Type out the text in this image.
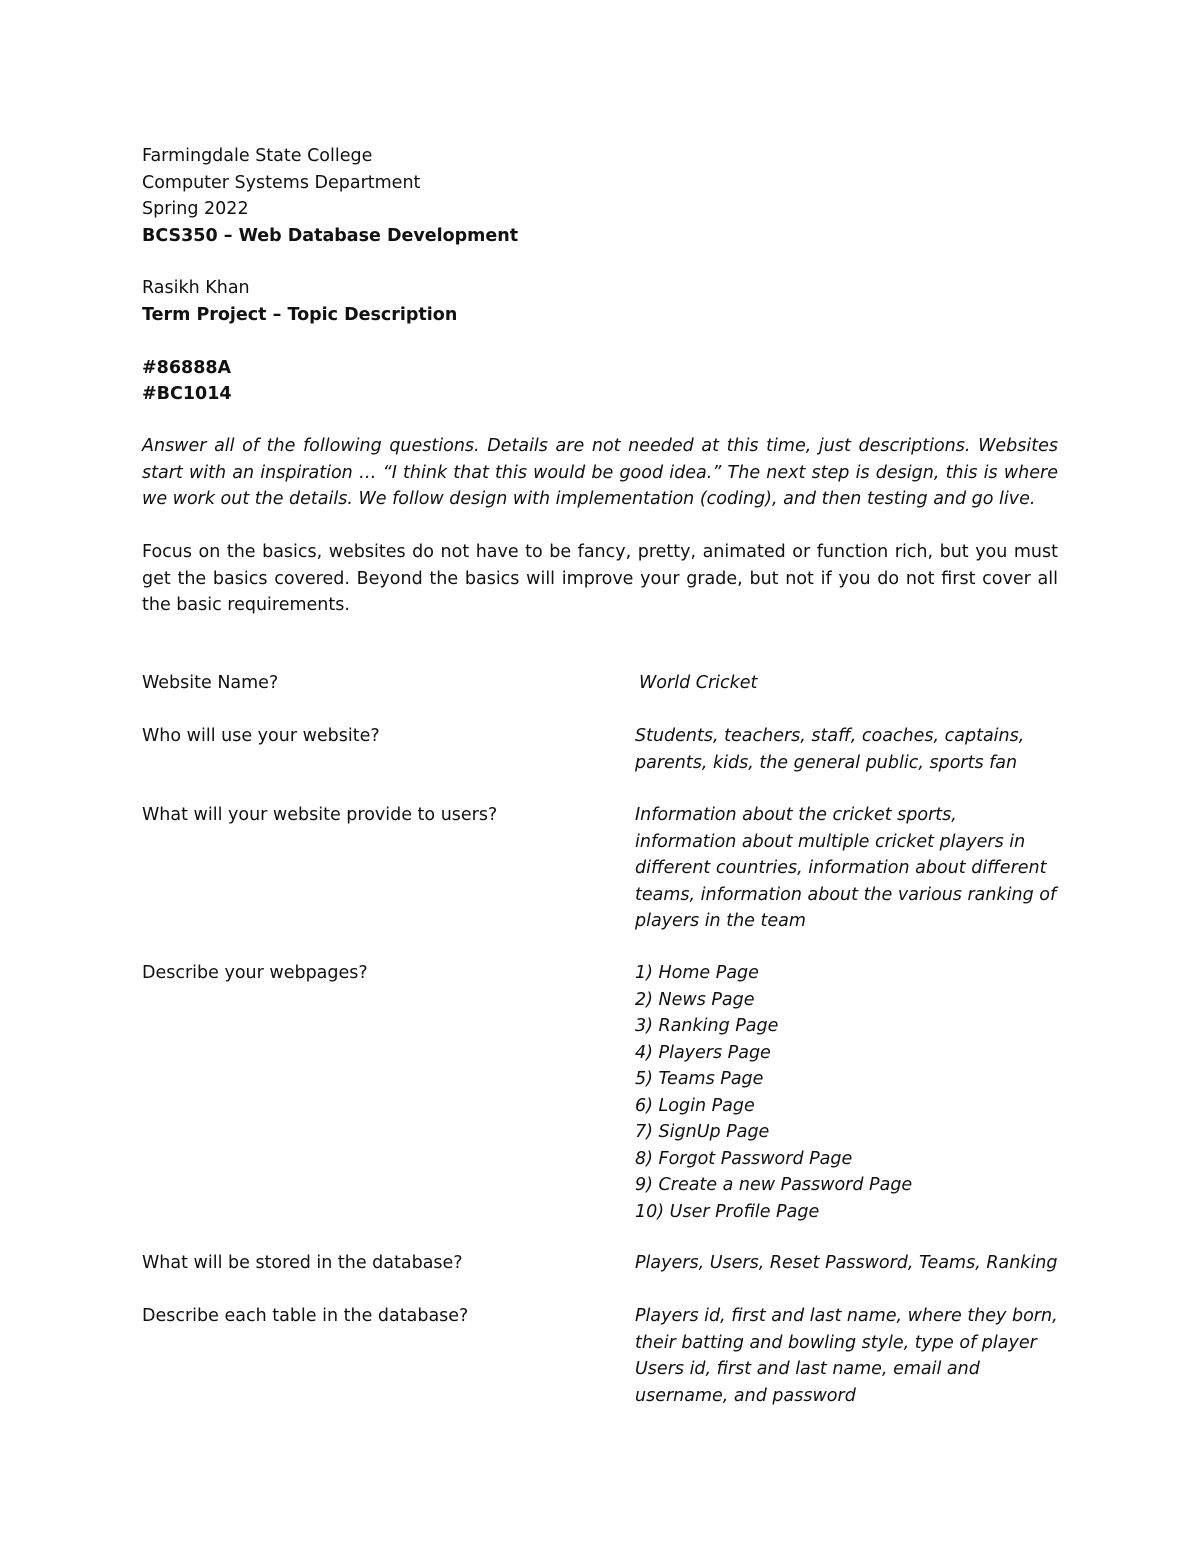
Farmingdale State College
Computer Systems Department
Spring 2022
BCS350 – Web Database Development
Rasikh Khan
Term Project – Topic Description
#86888A
#BC1014
Answer all of the following questions. Details are not needed at this time, just descriptions. Websites start with an inspiration … “I think that this would be good idea.” The next step is design, this is where we work out the details. We follow design with implementation (coding), and then testing and go live.
Focus on the basics, websites do not have to be fancy, pretty, animated or function rich, but you must get the basics covered. Beyond the basics will improve your grade, but not if you do not first cover all the basic requirements.
Website Name?	World Cricket
Who will use your website?	Students, teachers, staff, coaches, captains,
parents, kids, the general public, sports fan
What will your website provide to users?	Information about the cricket sports,
information about multiple cricket players in
different countries, information about different
teams, information about the various ranking of
players in the team
Describe your webpages?	1) Home Page
2) News Page
3) Ranking Page
4) Players Page
5) Teams Page
6) Login Page
7) SignUp Page
8) Forgot Password Page
9) Create a new Password Page
10) User Profile Page
What will be stored in the database?	Players, Users, Reset Password, Teams, Ranking
Describe each table in the database?	Players id, first and last name, where they born,
their batting and bowling style, type of player
Users id, first and last name, email and
username, and password
